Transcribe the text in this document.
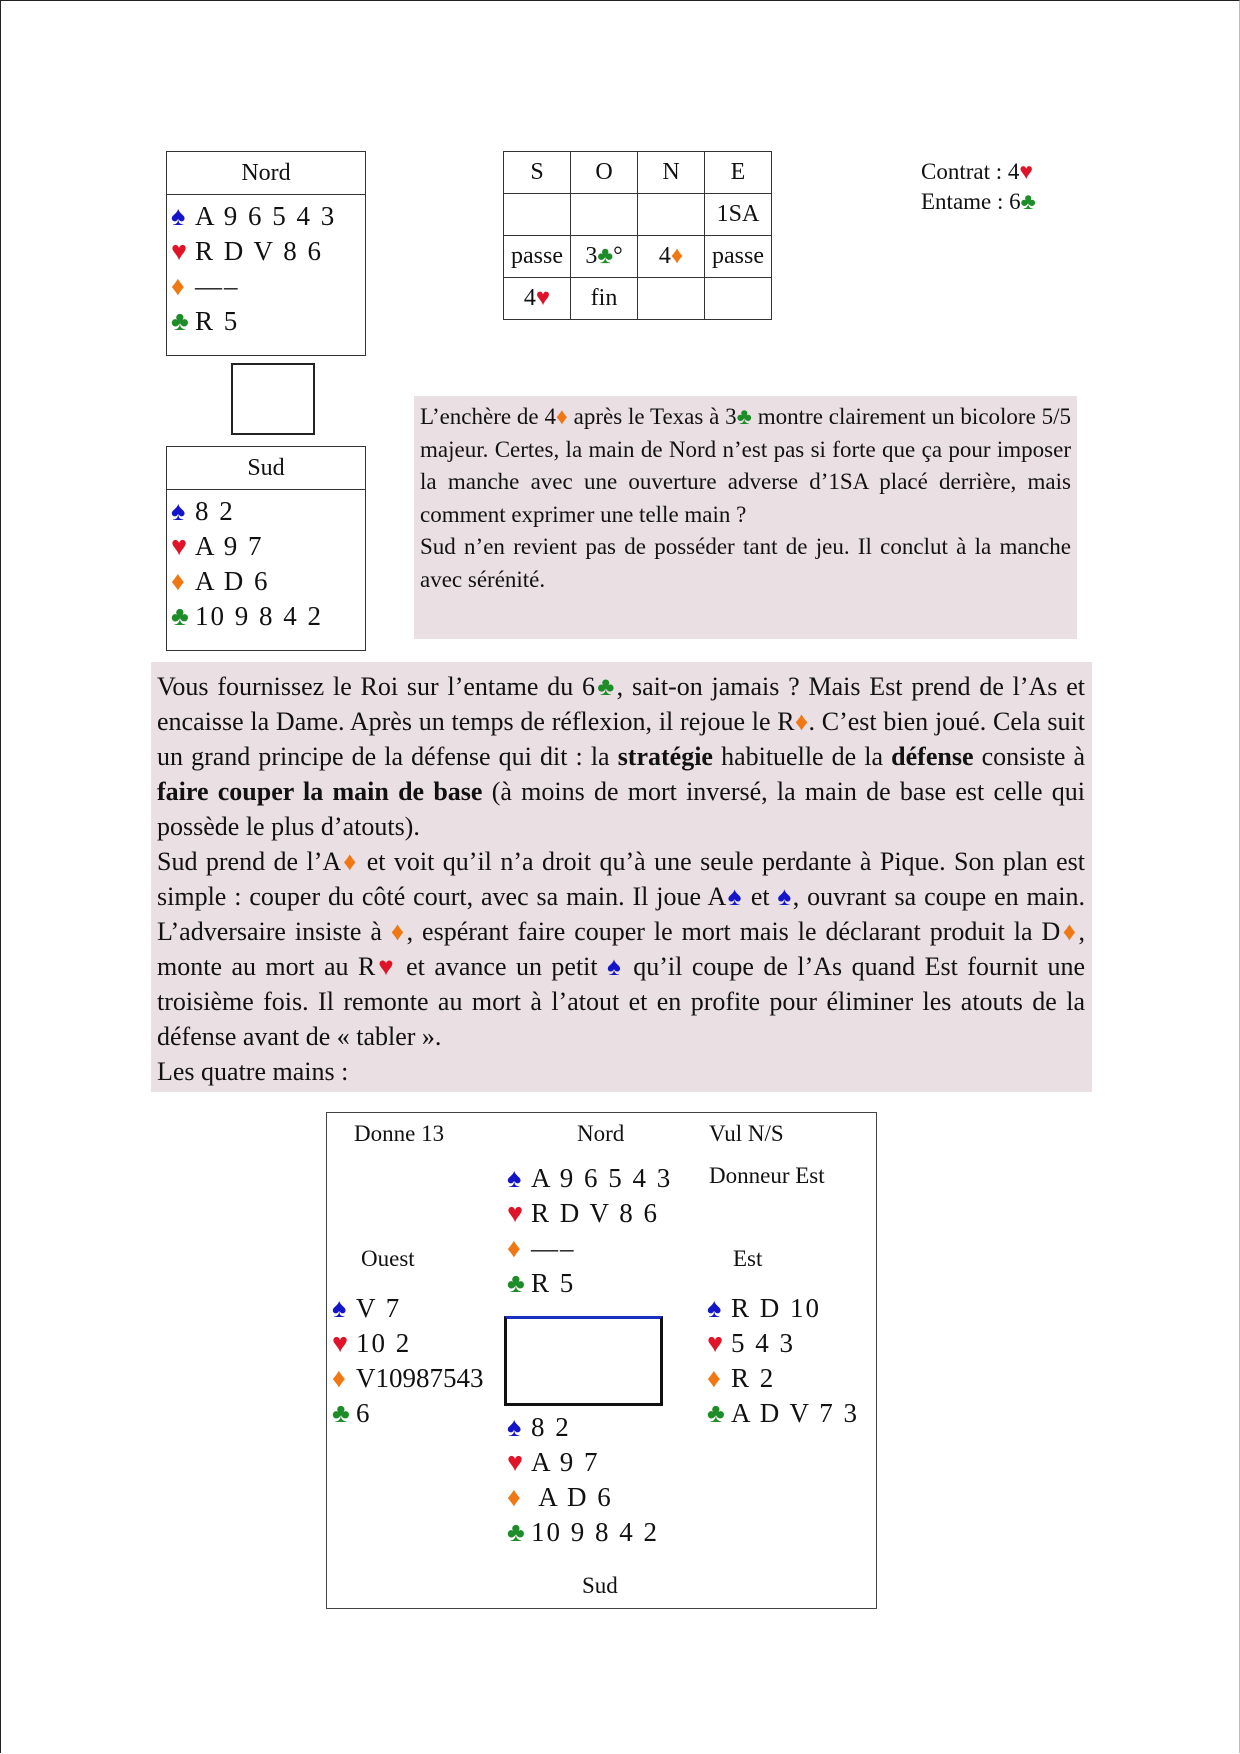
Nord
♠ A 9 6 5 4 3
♥ R D V 8 6
♦ —–
♣ R 5
Sud
♠ 8 2
♥ A 9 7
♦ A D 6
♣ 10 9 8 4 2
S	O	N	E
			1SA
passe	3♣°	4♦	passe
4♥	fin		
Contrat : 4♥
Entame : 6♣

L’enchère de 4♦ après le Texas à 3♣ montre clairement un bicolore 5/5 majeur. Certes, la main de Nord n’est pas si forte que ça pour imposer la manche avec une ouverture adverse d’1SA placé derrière, mais comment exprimer une telle main ?

Sud n’en revient pas de posséder tant de jeu. Il conclut à la manche avec sérénité.

Vous fournissez le Roi sur l’entame du 6♣, sait-on jamais ? Mais Est prend de l’As et encaisse la Dame. Après un temps de réflexion, il rejoue le R♦. C’est bien joué. Cela suit un grand principe de la défense qui dit : la stratégie habituelle de la défense consiste à faire couper la main de base (à moins de mort inversé, la main de base est celle qui possède le plus d’atouts).

Sud prend de l’A♦ et voit qu’il n’a droit qu’à une seule perdante à Pique. Son plan est simple : couper du côté court, avec sa main. Il joue A♠ et ♠, ouvrant sa coupe en main. L’adversaire insiste à ♦, espérant faire couper le mort mais le déclarant produit la D♦, monte au mort au R♥ et avance un petit ♠ qu’il coupe de l’As quand Est fournit une troisième fois. Il remonte au mort à l’atout et en profite pour éliminer les atouts de la défense avant de « tabler ».

Les quatre mains :

Donne 13	Nord	Vul N/S
Donneur Est
Ouest	Est
Sud
♠ A 9 6 5 4 3
♥ R D V 8 6
♦ —–
♣ R 5
♠ V 7
♥ 10 2
♦ V10987543
♣ 6
♠ R D 10
♥ 5 4 3
♦ R 2
♣ A D V 7 3
♠ 8 2
♥ A 9 7
♦ A D 6
♣ 10 9 8 4 2
